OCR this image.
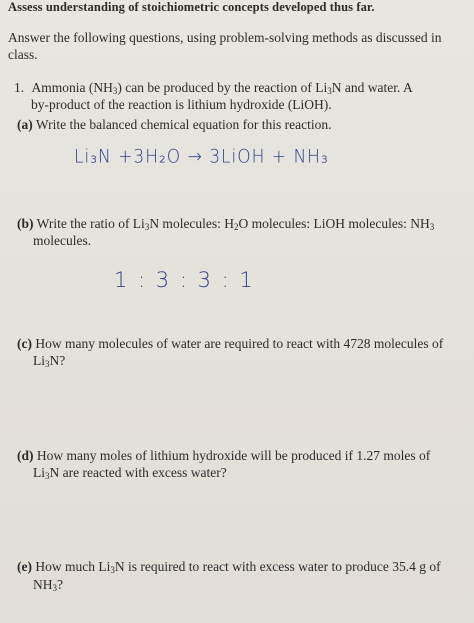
Assess understanding of stoichiometric concepts developed thus far.
Answer the following questions, using problem-solving methods as discussed in
class.
1. Ammonia $(NH_3)$ can be produced by the reaction of $Li_3N$ and water. A
by-product of the reaction is lithium hydroxide (LiOH).
(a) Write the balanced chemical equation for this reaction.
Li₃N +3H₂O → 3LiOH + NH₃
(b) Write the ratio of $Li_3N$ molecules: $H_2O$ molecules: LiOH molecules: $NH_3$
molecules.
1 : 3 : 3 : 1
(c) How many molecules of water are required to react with 4728 molecules of
$Li_3N$?
(d) How many moles of lithium hydroxide will be produced if 1.27 moles of
$Li_3N$ are reacted with excess water?
(e) How much $Li_3N$ is required to react with excess water to produce 35.4 g of
$NH_3$?
